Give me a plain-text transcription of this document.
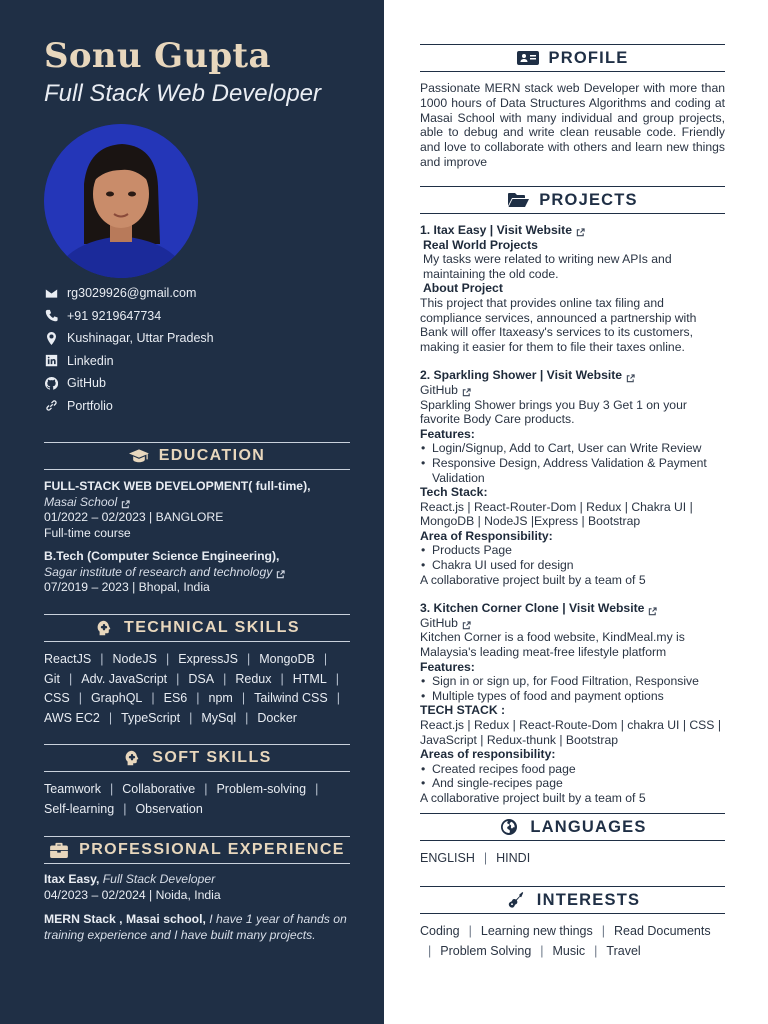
Sonu Gupta
Full Stack Web Developer
rg3029926@gmail.com
+91 9219647734
Kushinagar, Uttar Pradesh
Linkedin
GitHub
Portfolio
EDUCATION
FULL-STACK WEB DEVELOPMENT( full-time),
Masai School
01/2022 – 02/2023 | BANGLORE
Full-time course
B.Tech (Computer Science Engineering),
Sagar institute of research and technology
07/2019 – 2023 | Bhopal, India
TECHNICAL SKILLS
ReactJS | NodeJS | ExpressJS | MongoDB |
Git | Adv. JavaScript | DSA | Redux | HTML |
CSS | GraphQL | ES6 | npm | Tailwind CSS |
AWS EC2 | TypeScript | MySql | Docker
SOFT SKILLS
Teamwork | Collaborative | Problem-solving |
Self-learning | Observation
PROFESSIONAL EXPERIENCE
Itax Easy, Full Stack Developer
04/2023 – 02/2024 | Noida, India
MERN Stack , Masai school, I have 1 year of hands on
training experience and I have built many projects.
PROFILE
Passionate MERN stack web Developer with more than 1000 hours of Data Structures Algorithms and coding at Masai School with many individual and group projects, able to debug and write clean reusable code. Friendly and love to collaborate with others and learn new things and improve
PROJECTS
1. Itax Easy | Visit Website
Real World Projects
My tasks were related to writing new APIs and maintaining the old code.
About Project
This project that provides online tax filing and compliance services, announced a partnership with Bank will offer Itaxeasy's services to its customers, making it easier for them to file their taxes online.
2. Sparkling Shower | Visit Website
GitHub
Sparkling Shower brings you Buy 3 Get 1 on your favorite Body Care products.
Features:
• Login/Signup, Add to Cart, User can Write Review
• Responsive Design, Address Validation & Payment Validation
Tech Stack:
React.js | React-Router-Dom | Redux | Chakra UI | MongoDB | NodeJS |Express | Bootstrap
Area of Responsibility:
• Products Page
• Chakra UI used for design
A collaborative project built by a team of 5
3. Kitchen Corner Clone | Visit Website
GitHub
Kitchen Corner is a food website, KindMeal.my is Malaysia's leading meat-free lifestyle platform
Features:
• Sign in or sign up, for Food Filtration, Responsive
• Multiple types of food and payment options
TECH STACK :
React.js | Redux | React-Route-Dom | chakra UI | CSS | JavaScript | Redux-thunk | Bootstrap
Areas of responsibility:
• Created recipes food page
• And single-recipes page
A collaborative project built by a team of 5
LANGUAGES
ENGLISH | HINDI
INTERESTS
Coding | Learning new things | Read Documents
| Problem Solving | Music | Travel
